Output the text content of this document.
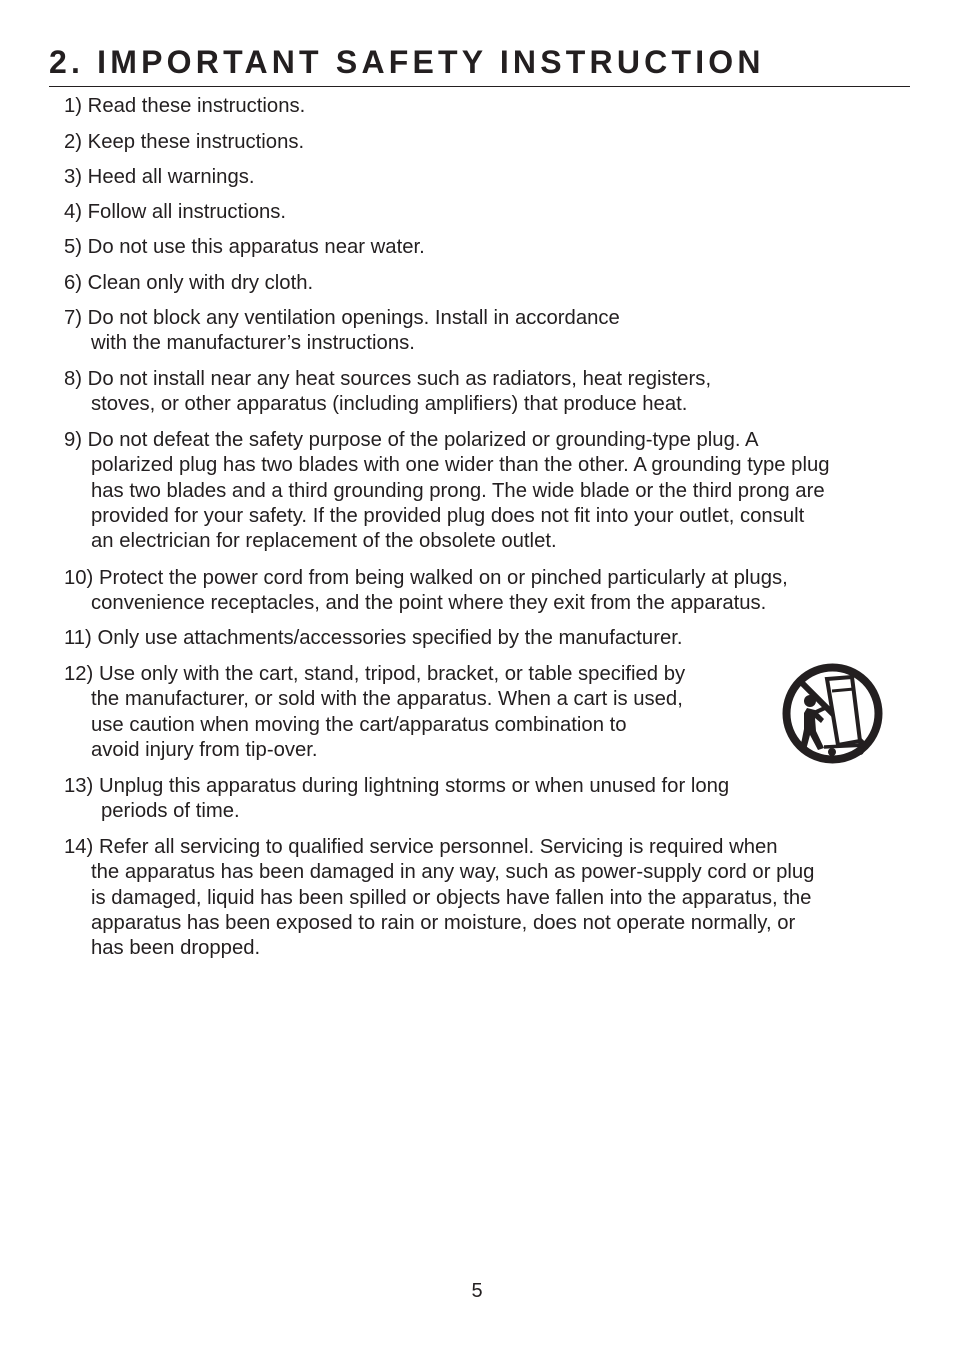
2. IMPORTANT SAFETY INSTRUCTION
1) Read these instructions.
2) Keep these instructions.
3) Heed all warnings.
4) Follow all instructions.
5) Do not use this apparatus near water.
6) Clean only with dry cloth.
7) Do not block any ventilation openings. Install in accordance
with the manufacturer’s instructions.
8) Do not install near any heat sources such as radiators, heat registers,
stoves, or other apparatus (including amplifiers) that produce heat.
9) Do not defeat the safety purpose of the polarized or grounding-type plug. A
polarized plug has two blades with one wider than the other. A grounding type plug
has two blades and a third grounding prong. The wide blade or the third prong are
provided for your safety. If the provided plug does not fit into your outlet, consult
an electrician for replacement of the obsolete outlet.
10) Protect the power cord from being walked on or pinched particularly at plugs,
convenience receptacles, and the point where they exit from the apparatus.
11) Only use attachments/accessories specified by the manufacturer.
12) Use only with the cart, stand, tripod, bracket, or table specified by
the manufacturer, or sold with the apparatus. When a cart is used,
use caution when moving the cart/apparatus combination to
avoid injury from tip-over.
13) Unplug this apparatus during lightning storms or when unused for long
periods of time.
14) Refer all servicing to qualified service personnel. Servicing is required when
the apparatus has been damaged in any way, such as power-supply cord or plug
is damaged, liquid has been spilled or objects have fallen into the apparatus, the
apparatus has been exposed to rain or moisture, does not operate normally, or
has been dropped.
5
